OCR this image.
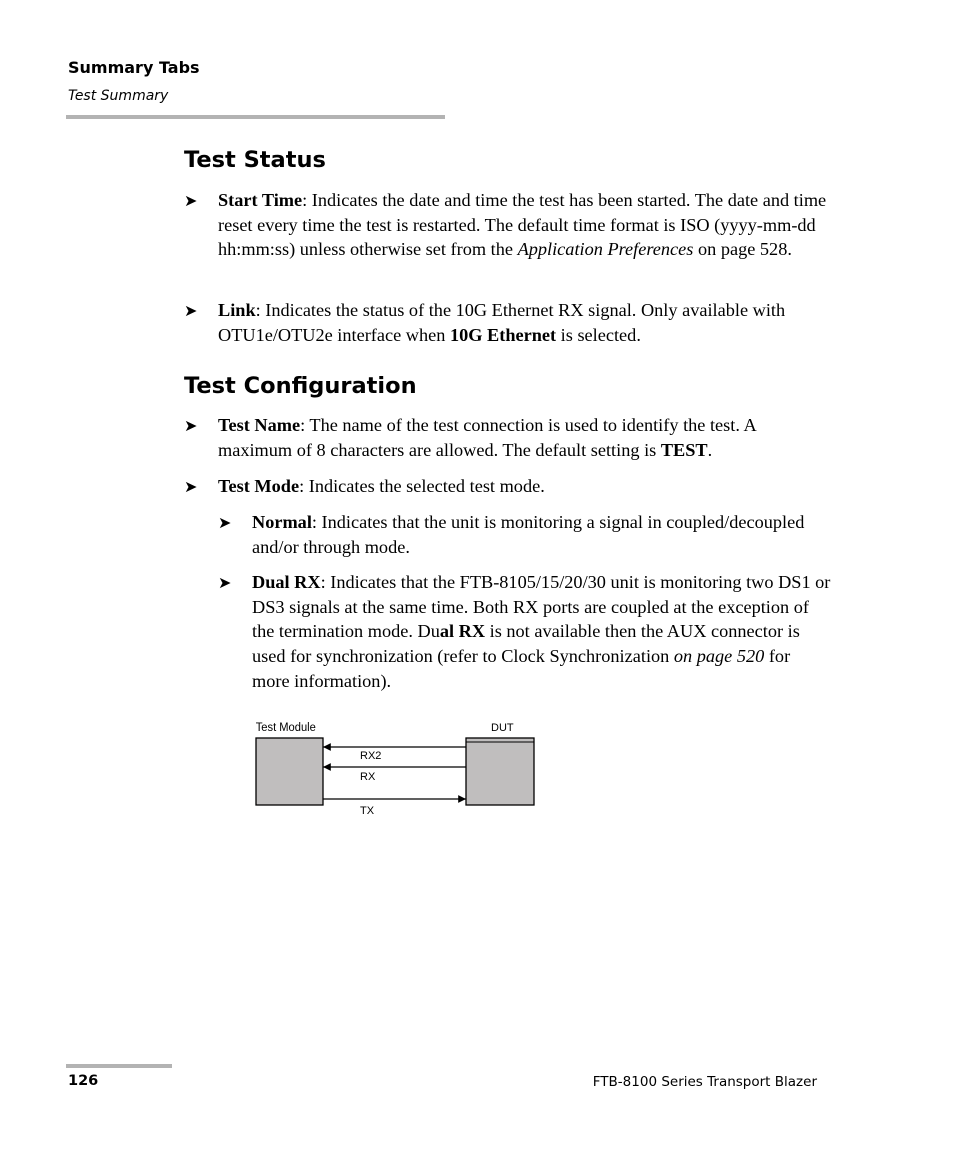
Summary Tabs
Test Summary
Test Status
➤ Start Time: Indicates the date and time the test has been started. The date and time reset every time the test is restarted. The default time format is ISO (yyyy-mm-dd hh:mm:ss) unless otherwise set from the Application Preferences on page 528.
➤ Link: Indicates the status of the 10G Ethernet RX signal. Only available with OTU1e/OTU2e interface when 10G Ethernet is selected.
Test Configuration
➤ Test Name: The name of the test connection is used to identify the test. A maximum of 8 characters are allowed. The default setting is TEST.
➤ Test Mode: Indicates the selected test mode.
➤ Normal: Indicates that the unit is monitoring a signal in coupled/decoupled and/or through mode.
➤ Dual RX: Indicates that the FTB-8105/15/20/30 unit is monitoring two DS1 or DS3 signals at the same time. Both RX ports are coupled at the exception of the termination mode. Dual RX is not available then the AUX connector is used for synchronization (refer to Clock Synchronization on page 520 for more information).
Test Module	DUT
RX2
RX
TX
126	FTB-8100 Series Transport Blazer
